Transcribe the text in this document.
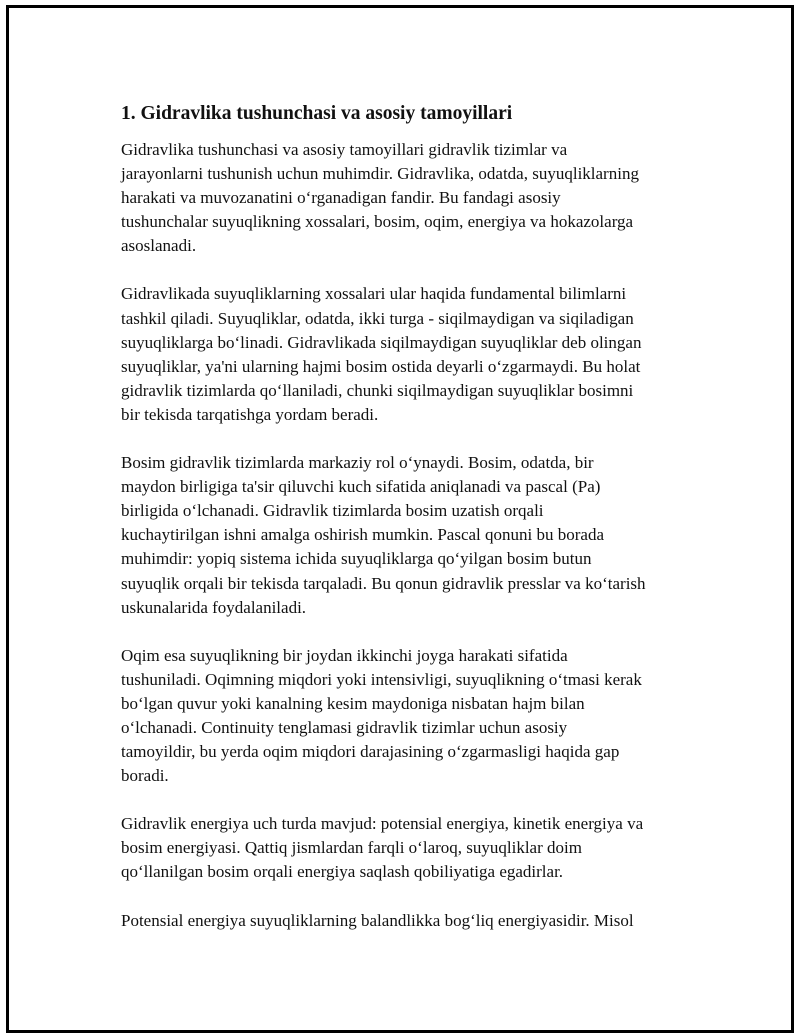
1. Gidravlika tushunchasi va asosiy tamoyillari

Gidravlika tushunchasi va asosiy tamoyillari gidravlik tizimlar va
jarayonlarni tushunish uchun muhimdir. Gidravlika, odatda, suyuqliklarning
harakati va muvozanatini o‘rganadigan fandir. Bu fandagi asosiy
tushunchalar suyuqlikning xossalari, bosim, oqim, energiya va hokazolarga
asoslanadi.

Gidravlikada suyuqliklarning xossalari ular haqida fundamental bilimlarni
tashkil qiladi. Suyuqliklar, odatda, ikki turga - siqilmaydigan va siqiladigan
suyuqliklarga bo‘linadi. Gidravlikada siqilmaydigan suyuqliklar deb olingan
suyuqliklar, ya'ni ularning hajmi bosim ostida deyarli o‘zgarmaydi. Bu holat
gidravlik tizimlarda qo‘llaniladi, chunki siqilmaydigan suyuqliklar bosimni
bir tekisda tarqatishga yordam beradi.

Bosim gidravlik tizimlarda markaziy rol o‘ynaydi. Bosim, odatda, bir
maydon birligiga ta'sir qiluvchi kuch sifatida aniqlanadi va pascal (Pa)
birligida o‘lchanadi. Gidravlik tizimlarda bosim uzatish orqali
kuchaytirilgan ishni amalga oshirish mumkin. Pascal qonuni bu borada
muhimdir: yopiq sistema ichida suyuqliklarga qo‘yilgan bosim butun
suyuqlik orqali bir tekisda tarqaladi. Bu qonun gidravlik presslar va ko‘tarish
uskunalarida foydalaniladi.

Oqim esa suyuqlikning bir joydan ikkinchi joyga harakati sifatida
tushuniladi. Oqimning miqdori yoki intensivligi, suyuqlikning o‘tmasi kerak
bo‘lgan quvur yoki kanalning kesim maydoniga nisbatan hajm bilan
o‘lchanadi. Continuity tenglamasi gidravlik tizimlar uchun asosiy
tamoyildir, bu yerda oqim miqdori darajasining o‘zgarmasligi haqida gap
boradi.

Gidravlik energiya uch turda mavjud: potensial energiya, kinetik energiya va
bosim energiyasi. Qattiq jismlardan farqli o‘laroq, suyuqliklar doim
qo‘llanilgan bosim orqali energiya saqlash qobiliyatiga egadirlar.

Potensial energiya suyuqliklarning balandlikka bog‘liq energiyasidir. Misol
